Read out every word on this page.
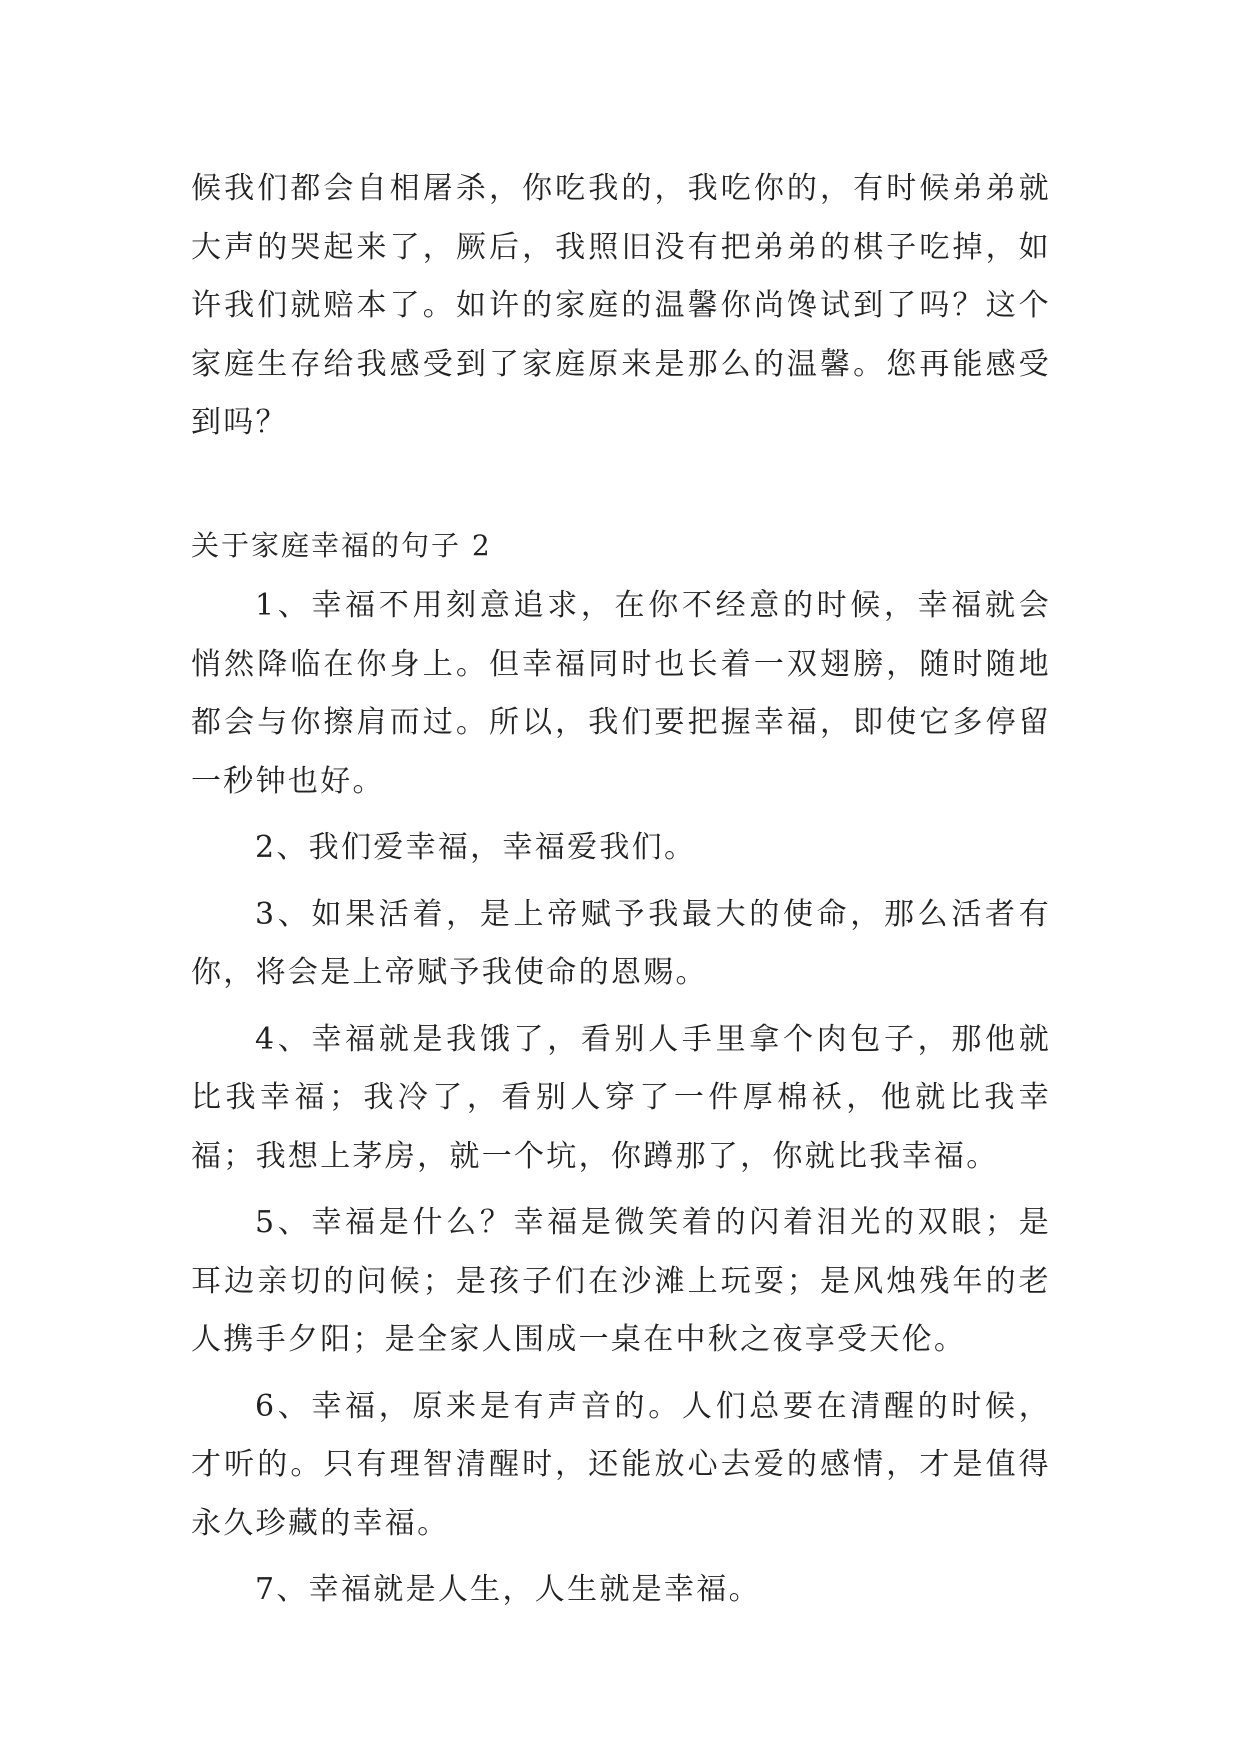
候我们都会自相屠杀，你吃我的，我吃你的，有时候弟弟就大声的哭起来了，厥后，我照旧没有把弟弟的棋子吃掉，如许我们就赔本了。如许的家庭的温馨你尚馋试到了吗？这个家庭生存给我感受到了家庭原来是那么的温馨。您再能感受到吗？

关于家庭幸福的句子 2

1、幸福不用刻意追求，在你不经意的时候，幸福就会悄然降临在你身上。但幸福同时也长着一双翅膀，随时随地都会与你擦肩而过。所以，我们要把握幸福，即使它多停留一秒钟也好。

2、我们爱幸福，幸福爱我们。

3、如果活着，是上帝赋予我最大的使命，那么活者有你，将会是上帝赋予我使命的恩赐。

4、幸福就是我饿了，看别人手里拿个肉包子，那他就比我幸福；我冷了，看别人穿了一件厚棉袄，他就比我幸福；我想上茅房，就一个坑，你蹲那了，你就比我幸福。

5、幸福是什么？幸福是微笑着的闪着泪光的双眼；是耳边亲切的问候；是孩子们在沙滩上玩耍；是风烛残年的老人携手夕阳；是全家人围成一桌在中秋之夜享受天伦。

6、幸福，原来是有声音的。人们总要在清醒的时候，才听的。只有理智清醒时，还能放心去爱的感情，才是值得永久珍藏的幸福。

7、幸福就是人生，人生就是幸福。
